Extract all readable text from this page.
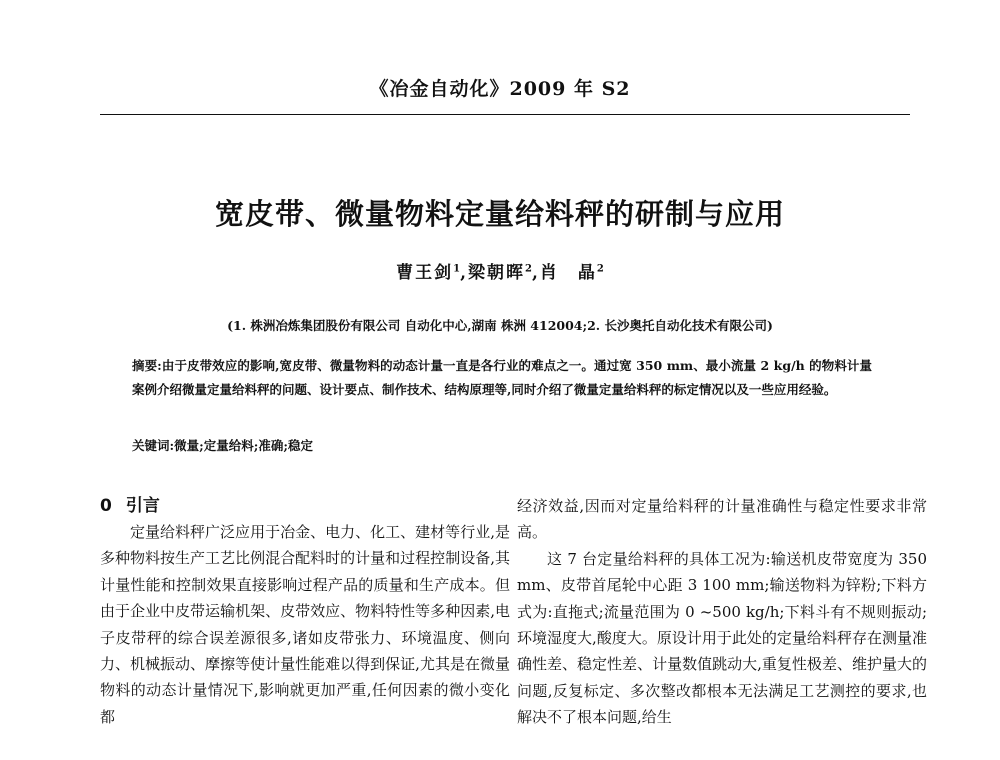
《冶金自动化》2009 年 S2
宽皮带、微量物料定量给料秤的研制与应用
曹王剑$^1$,梁朝晖$^2$,肖　晶$^2$
(1. 株洲冶炼集团股份有限公司 自动化中心,湖南 株洲 412004;2. 长沙奥托自动化技术有限公司)
摘要:由于皮带效应的影响,宽皮带、微量物料的动态计量一直是各行业的难点之一。通过宽 350 mm、最小流量 2 kg/h 的物料计量案例介绍微量定量给料秤的问题、设计要点、制作技术、结构原理等,同时介绍了微量定量给料秤的标定情况以及一些应用经验。
关键词:微量;定量给料;准确;稳定
0 引言

定量给料秤广泛应用于冶金、电力、化工、建材等行业,是多种物料按生产工艺比例混合配料时的计量和过程控制设备,其计量性能和控制效果直接影响过程产品的质量和生产成本。但由于企业中皮带运输机架、皮带效应、物料特性等多种因素,电子皮带秤的综合误差源很多,诸如皮带张力、环境温度、侧向力、机械振动、摩擦等使计量性能难以得到保证,尤其是在微量物料的动态计量情况下,影响就更加严重,任何因素的微小变化都

经济效益,因而对定量给料秤的计量准确性与稳定性要求非常高。

这 7 台定量给料秤的具体工况为:输送机皮带宽度为 350 mm、皮带首尾轮中心距 3 100 mm;输送物料为锌粉;下料方式为:直拖式;流量范围为 0 ~500 kg/h;下料斗有不规则振动;环境湿度大,酸度大。原设计用于此处的定量给料秤存在测量准确性差、稳定性差、计量数值跳动大,重复性极差、维护量大的问题,反复标定、多次整改都根本无法满足工艺测控的要求,也解决不了根本问题,给生
